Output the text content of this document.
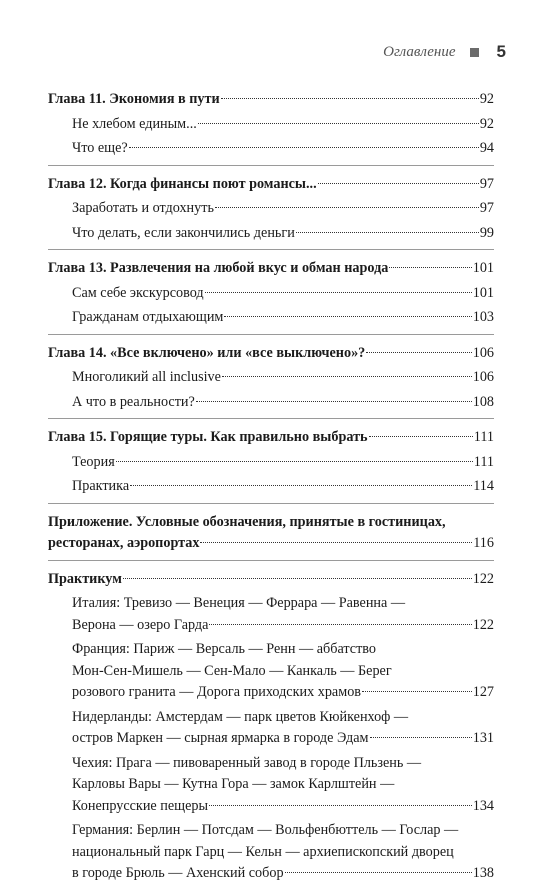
Оглавление 5
Глава 11. Экономия в пути	92
Не хлебом единым...	92
Что еще?	94
Глава 12. Когда финансы поют романсы...	97
Заработать и отдохнуть	97
Что делать, если закончились деньги	99
Глава 13. Развлечения на любой вкус и обман народа	101
Сам себе экскурсовод	101
Гражданам отдыхающим	103
Глава 14. «Все включено» или «все выключено»?	106
Многоликий all inclusive	106
А что в реальности?	108
Глава 15. Горящие туры. Как правильно выбрать	111
Теория	111
Практика	114
Приложение. Условные обозначения, принятые в гостиницах,
ресторанах, аэропортах	116
Практикум	122
Италия: Тревизо — Венеция — Феррара — Равенна —
Верона — озеро Гарда	122
Франция: Париж — Версаль — Ренн — аббатство
Мон-Сен-Мишель — Сен-Мало — Канкаль — Берег
розового гранита — Дорога приходских храмов	127
Нидерланды: Амстердам — парк цветов Кюйкенхоф —
остров Маркен — сырная ярмарка в городе Эдам	131
Чехия: Прага — пивоваренный завод в городе Пльзень —
Карловы Вары — Кутна Гора — замок Карлштейн —
Конепрусские пещеры	134
Германия: Берлин — Потсдам — Вольфенбюттель — Гослар —
национальный парк Гарц — Кельн — архиепископский дворец
в городе Брюль — Ахенский собор	138
